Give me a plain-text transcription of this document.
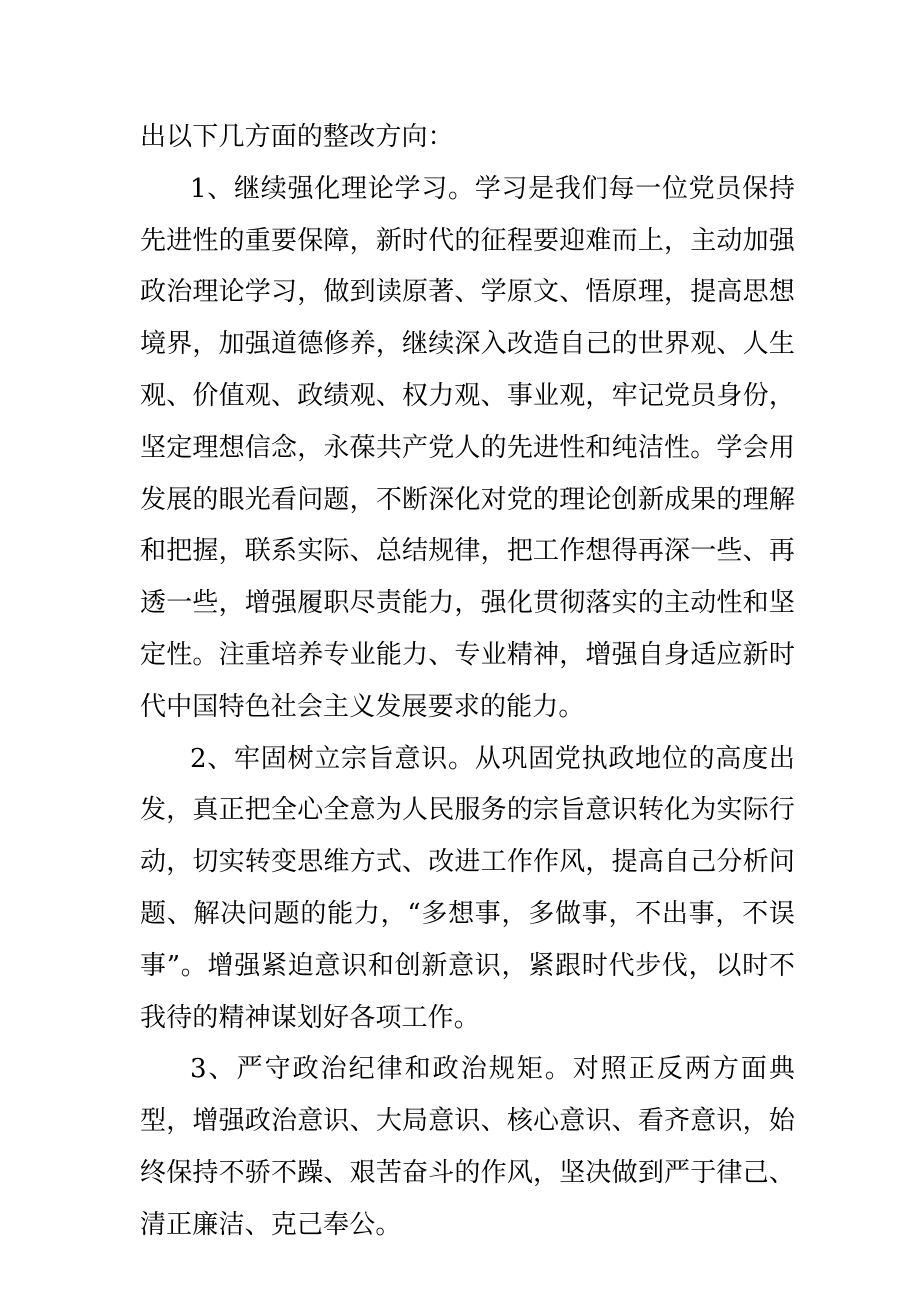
出以下几方面的整改方向：

1、继续强化理论学习。学习是我们每一位党员保持先进性的重要保障，新时代的征程要迎难而上，主动加强政治理论学习，做到读原著、学原文、悟原理，提高思想境界，加强道德修养，继续深入改造自己的世界观、人生观、价值观、政绩观、权力观、事业观，牢记党员身份，坚定理想信念，永葆共产党人的先进性和纯洁性。学会用发展的眼光看问题，不断深化对党的理论创新成果的理解和把握，联系实际、总结规律，把工作想得再深一些、再透一些，增强履职尽责能力，强化贯彻落实的主动性和坚定性。注重培养专业能力、专业精神，增强自身适应新时代中国特色社会主义发展要求的能力。

2、牢固树立宗旨意识。从巩固党执政地位的高度出发，真正把全心全意为人民服务的宗旨意识转化为实际行动，切实转变思维方式、改进工作作风，提高自己分析问题、解决问题的能力，“多想事，多做事，不出事，不误事”。增强紧迫意识和创新意识，紧跟时代步伐，以时不我待的精神谋划好各项工作。

3、严守政治纪律和政治规矩。对照正反两方面典型，增强政治意识、大局意识、核心意识、看齐意识，始终保持不骄不躁、艰苦奋斗的作风，坚决做到严于律己、清正廉洁、克己奉公。
